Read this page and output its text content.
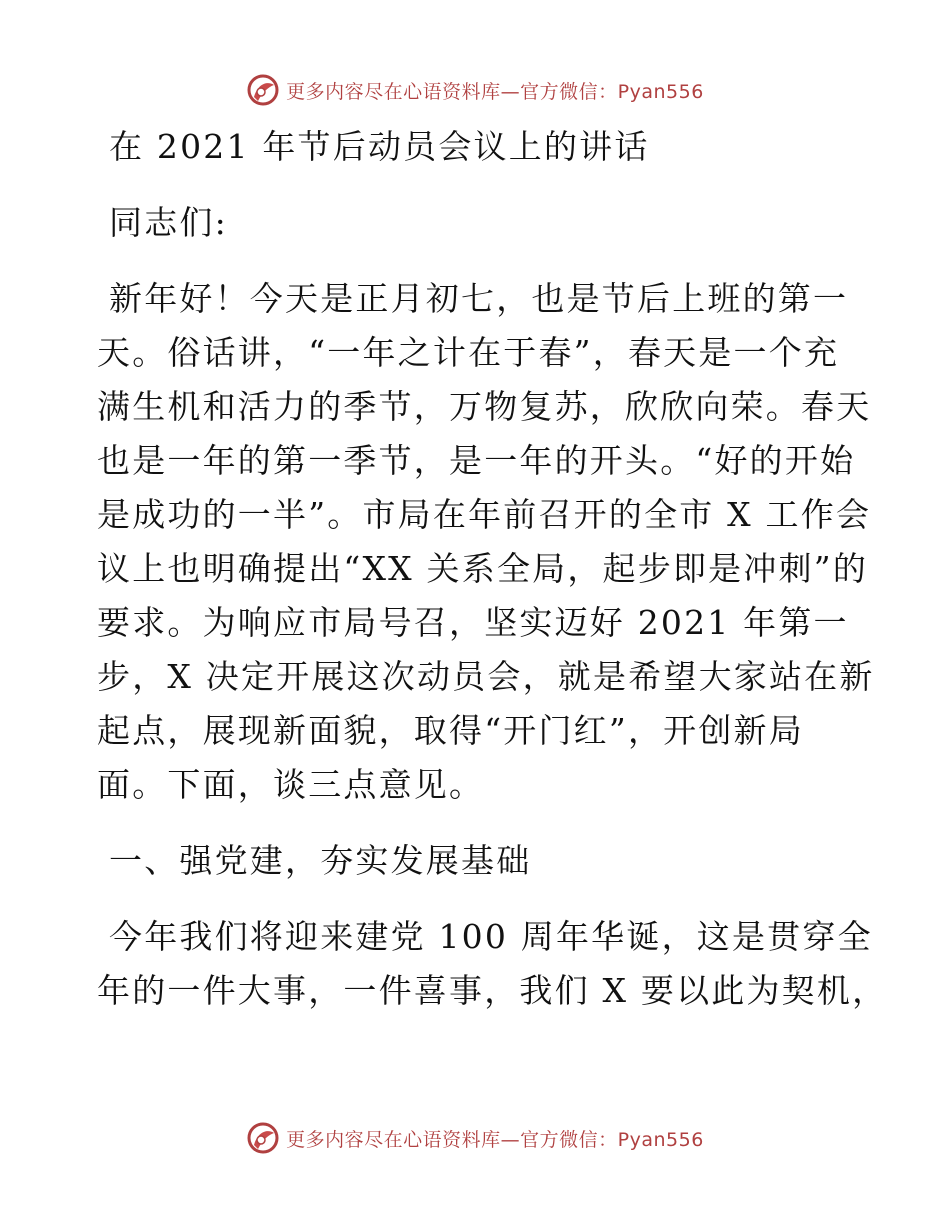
更多内容尽在心语资料库—官方微信：Pyan556
在 2021 年节后动员会议上的讲话
同志们:
新年好！今天是正月初七，也是节后上班的第一
天。俗话讲，“一年之计在于春”，春天是一个充
满生机和活力的季节，万物复苏，欣欣向荣。春天
也是一年的第一季节，是一年的开头。“好的开始
是成功的一半”。市局在年前召开的全市 X 工作会
议上也明确提出“XX 关系全局，起步即是冲刺”的
要求。为响应市局号召，坚实迈好 2021 年第一
步，X 决定开展这次动员会，就是希望大家站在新
起点，展现新面貌，取得“开门红”，开创新局
面。下面，谈三点意见。
一、强党建，夯实发展基础
今年我们将迎来建党 100 周年华诞，这是贯穿全
年的一件大事，一件喜事，我们 X 要以此为契机，
更多内容尽在心语资料库—官方微信：Pyan556
